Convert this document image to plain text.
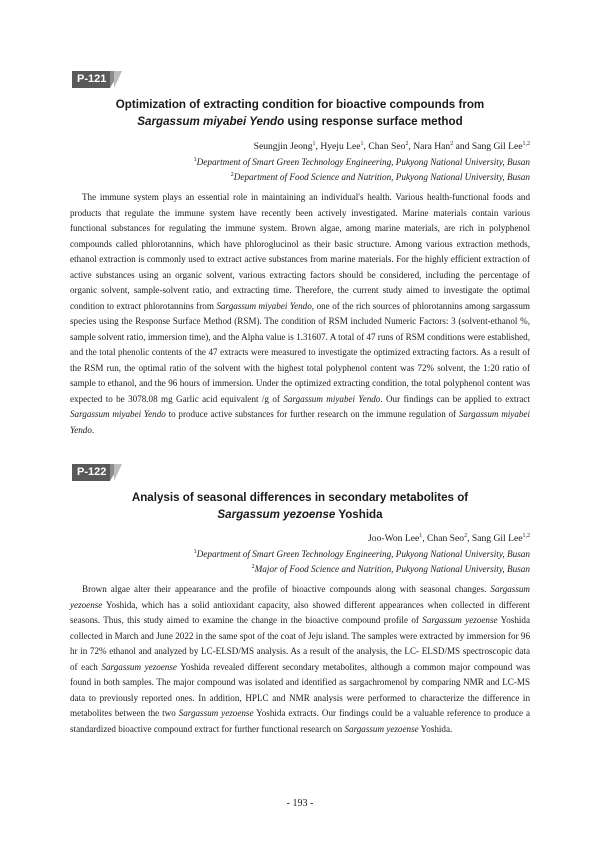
P-121
Optimization of extracting condition for bioactive compounds from
Sargassum miyabei Yendo using response surface method
Seungjin Jeong$^1$, Hyeju Lee$^1$, Chan Seo$^2$, Nara Han$^2$ and Sang Gil Lee$^{1,2}$
$^1$Department of Smart Green Technology Engineering, Pukyong National University, Busan
$^2$Department of Food Science and Nutrition, Pukyong National University, Busan

The immune system plays an essential role in maintaining an individual's health. Various health-functional foods and products that regulate the immune system have recently been actively investigated. Marine materials contain various functional substances for regulating the immune system. Brown algae, among marine materials, are rich in polyphenol compounds called phlorotannins, which have phloroglucinol as their basic structure. Among various extraction methods, ethanol extraction is commonly used to extract active substances from marine materials. For the highly efficient extraction of active substances using an organic solvent, various extracting factors should be considered, including the percentage of organic solvent, sample-solvent ratio, and extracting time. Therefore, the current study aimed to investigate the optimal condition to extract phlorotannins from Sargassum miyabei Yendo, one of the rich sources of phlorotannins among sargassum species using the Response Surface Method (RSM). The condition of RSM included Numeric Factors: 3 (solvent-ethanol %, sample solvent ratio, immersion time), and the Alpha value is 1.31607. A total of 47 runs of RSM conditions were established, and the total phenolic contents of the 47 extracts were measured to investigate the optimized extracting factors. As a result of the RSM run, the optimal ratio of the solvent with the highest total polyphenol content was 72% solvent, the 1:20 ratio of sample to ethanol, and the 96 hours of immersion. Under the optimized extracting condition, the total polyphenol content was expected to be 3078.08 mg Garlic acid equivalent /g of Sargassum miyabei Yendo. Our findings can be applied to extract Sargassum miyabei Yendo to produce active substances for further research on the immune regulation of Sargassum miyabei Yendo.

P-122
Analysis of seasonal differences in secondary metabolites of
Sargassum yezoense Yoshida
Joo-Won Lee$^1$, Chan Seo$^2$, Sang Gil Lee$^{1,2}$
$^1$Department of Smart Green Technology Engineering, Pukyong National University, Busan
$^2$Major of Food Science and Nutrition, Pukyong National University, Busan

Brown algae alter their appearance and the profile of bioactive compounds along with seasonal changes. Sargassum yezoense Yoshida, which has a solid antioxidant capacity, also showed different appearances when collected in different seasons. Thus, this study aimed to examine the change in the bioactive compound profile of Sargassum yezoense Yoshida collected in March and June 2022 in the same spot of the coat of Jeju island. The samples were extracted by immersion for 96 hr in 72% ethanol and analyzed by LC-ELSD/MS analysis. As a result of the analysis, the LC- ELSD/MS spectroscopic data of each Sargassum yezoense Yoshida revealed different secondary metabolites, although a common major compound was found in both samples. The major compound was isolated and identified as sargachromenol by comparing NMR and LC-MS data to previously reported ones. In addition, HPLC and NMR analysis were performed to characterize the difference in metabolites between the two Sargassum yezoense Yoshida extracts. Our findings could be a valuable reference to produce a standardized bioactive compound extract for further functional research on Sargassum yezoense Yoshida.

- 193 -
